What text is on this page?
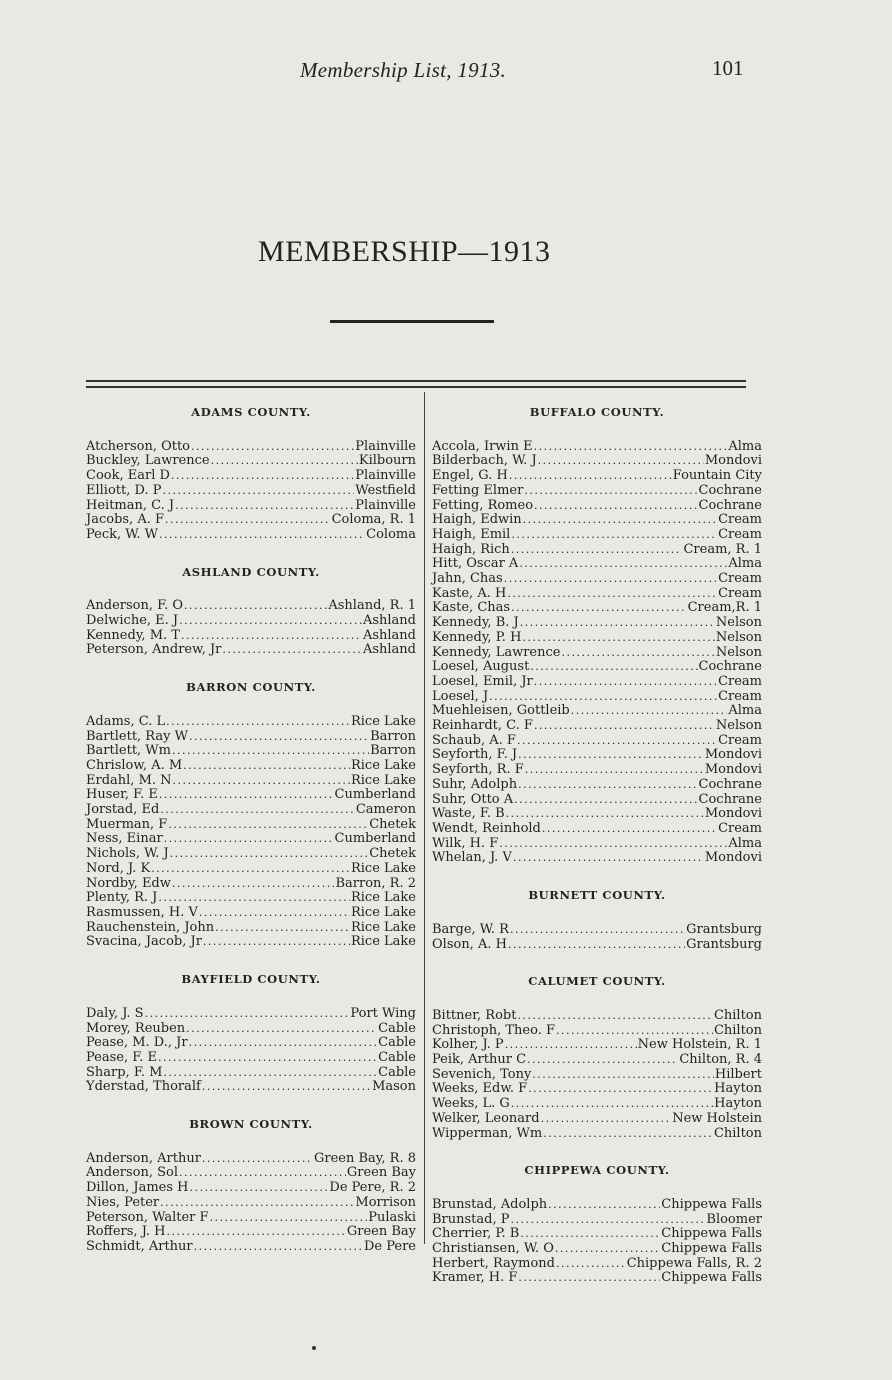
Membership List, 1913.	101
MEMBERSHIP—1913
ADAMS COUNTY.
Atcherson, Otto .....	Plainville
Buckley, Lawrence .....	Kilbourn
Cook, Earl D .....	Plainville
Elliott, D. P .....	Westfield
Heitman, C. J .....	Plainville
Jacobs, A. F .....	Coloma, R. 1
Peck, W. W .....	Coloma
ASHLAND COUNTY.
Anderson, F. O .....	Ashland, R. 1
Delwiche, E. J .....	Ashland
Kennedy, M. T .....	Ashland
Peterson, Andrew, Jr .....	Ashland
BARRON COUNTY.
Adams, C. L .....	Rice Lake
Bartlett, Ray W .....	Barron
Bartlett, Wm .....	Barron
Chrislow, A. M .....	Rice Lake
Erdahl, M. N .....	Rice Lake
Huser, F. E .....	Cumberland
Jorstad, Ed .....	Cameron
Muerman, F .....	Chetek
Ness, Einar .....	Cumberland
Nichols, W. J .....	Chetek
Nord, J. K .....	Rice Lake
Nordby, Edw .....	Barron, R. 2
Plenty, R. J .....	Rice Lake
Rasmussen, H. V .....	Rice Lake
Rauchenstein, John .....	Rice Lake
Svacina, Jacob, Jr .....	Rice Lake
BAYFIELD COUNTY.
Daly, J. S .....	Port Wing
Morey, Reuben .....	Cable
Pease, M. D., Jr .....	Cable
Pease, F. E .....	Cable
Sharp, F. M .....	Cable
Yderstad, Thoralf .....	Mason
BROWN COUNTY.
Anderson, Arthur .....	Green Bay, R. 8
Anderson, Sol .....	Green Bay
Dillon, James H .....	De Pere, R. 2
Nies, Peter .....	Morrison
Peterson, Walter F .....	Pulaski
Roffers, J. H .....	Green Bay
Schmidt, Arthur .....	De Pere
BUFFALO COUNTY.
Accola, Irwin E .....	Alma
Bilderbach, W. J .....	Mondovi
Engel, G. H .....	Fountain City
Fetting Elmer .....	Cochrane
Fetting, Romeo .....	Cochrane
Haigh, Edwin .....	Cream
Haigh, Emil .....	Cream
Haigh, Rich .....	Cream, R. 1
Hitt, Oscar A .....	Alma
Jahn, Chas .....	Cream
Kaste, A. H .....	Cream
Kaste, Chas .....	Cream,R. 1
Kennedy, B. J .....	Nelson
Kennedy, P. H .....	Nelson
Kennedy, Lawrence .....	Nelson
Loesel, August .....	Cochrane
Loesel, Emil, Jr .....	Cream
Loesel, J .....	Cream
Muehleisen, Gottleib .....	Alma
Reinhardt, C. F .....	Nelson
Schaub, A. F .....	Cream
Seyforth, F. J .....	Mondovi
Seyforth, R. F .....	Mondovi
Suhr, Adolph .....	Cochrane
Suhr, Otto A .....	Cochrane
Waste, F. B .....	Mondovi
Wendt, Reinhold .....	Cream
Wilk, H. F .....	Alma
Whelan, J. V .....	Mondovi
BURNETT COUNTY.
Barge, W. R .....	Grantsburg
Olson, A. H .....	Grantsburg
CALUMET COUNTY.
Bittner, Robt .....	Chilton
Christoph, Theo. F .....	Chilton
Kolher, J. P .....	New Holstein, R. 1
Peik, Arthur C .....	Chilton, R. 4
Sevenich, Tony .....	Hilbert
Weeks, Edw. F .....	Hayton
Weeks, L. G .....	Hayton
Welker, Leonard .....	New Holstein
Wipperman, Wm .....	Chilton
CHIPPEWA COUNTY.
Brunstad, Adolph .....	Chippewa Falls
Brunstad, P .....	Bloomer
Cherrier, P. B .....	Chippewa Falls
Christiansen, W. O .....	Chippewa Falls
Herbert, Raymond .....	Chippewa Falls, R. 2
Kramer, H. F .....	Chippewa Falls
